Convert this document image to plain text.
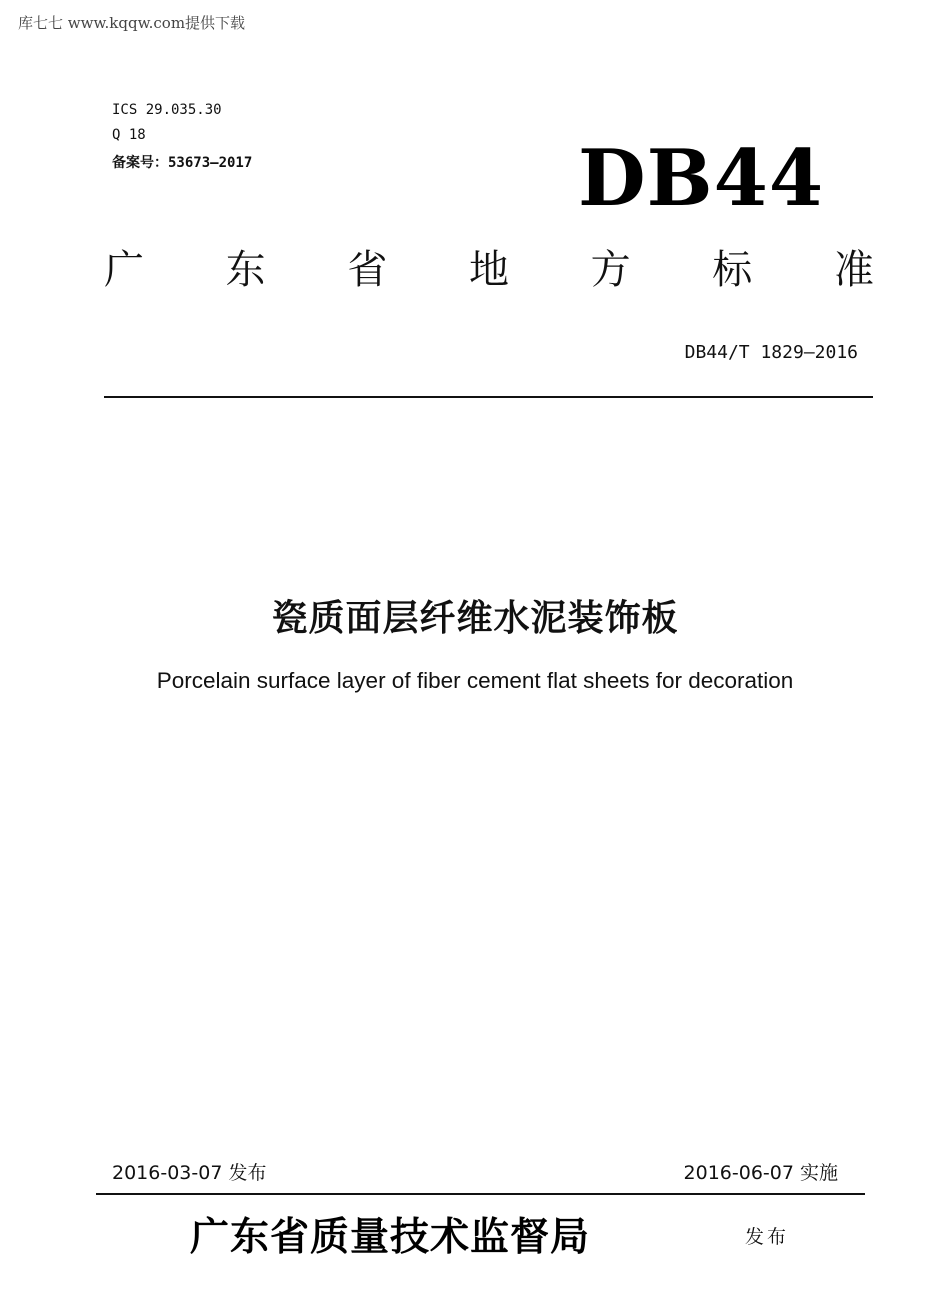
库七七 www.kqqw.com提供下载
ICS 29.035.30
Q 18
备案号：53673—2017	DB44
广 东 省 地 方 标 准
DB44/T 1829—2016
瓷质面层纤维水泥装饰板
Porcelain surface layer of fiber cement flat sheets for decoration
2016-03-07 发布	2016-06-07 实施
广东省质量技术监督局	发布
